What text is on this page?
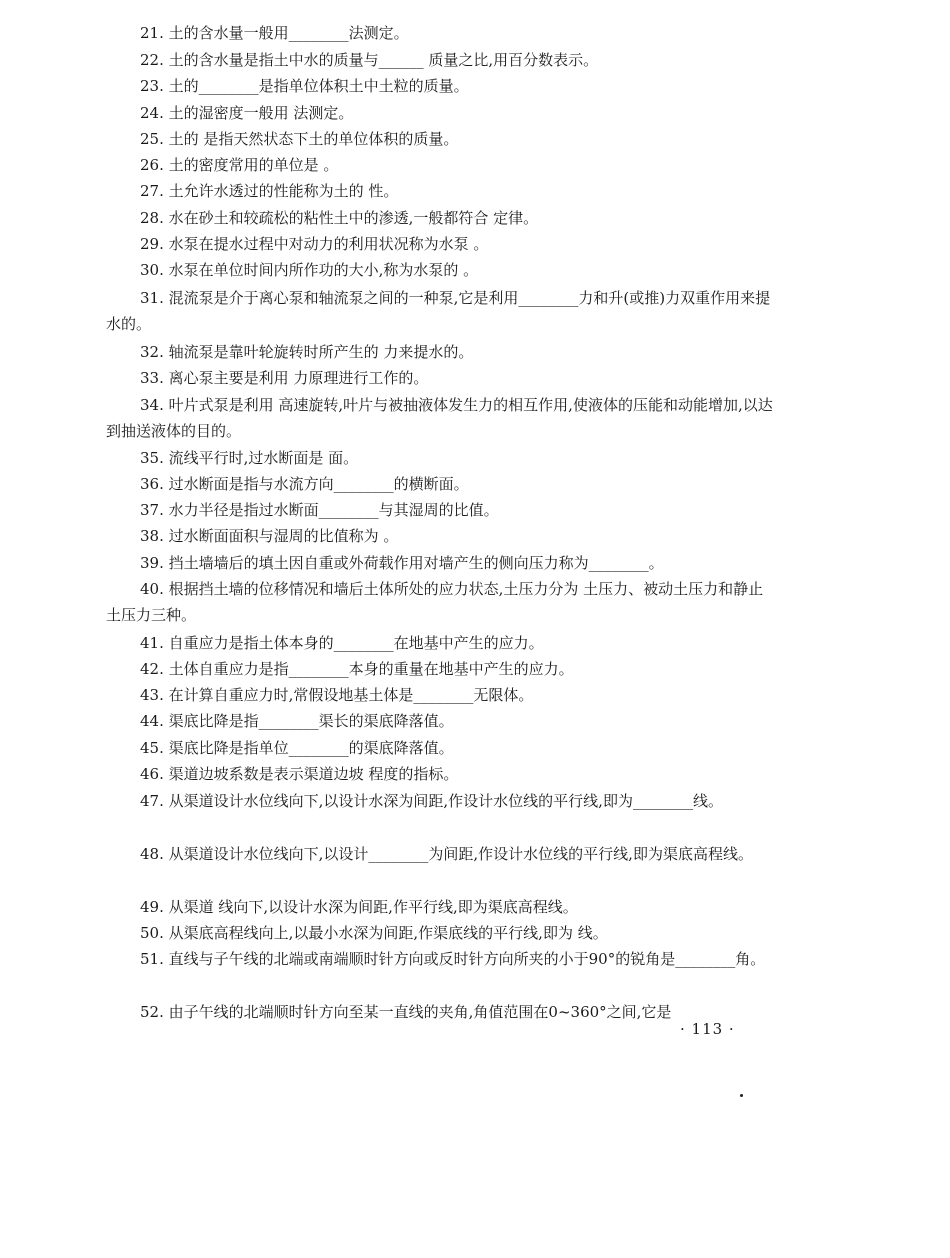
21. 土的含水量一般用________法测定。
22. 土的含水量是指土中水的质量与______ 质量之比,用百分数表示。
23. 土的________是指单位体积土中土粒的质量。
24. 土的湿密度一般用 法测定。
25. 土的 是指天然状态下土的单位体积的质量。
26. 土的密度常用的单位是 。
27. 土允许水透过的性能称为土的 性。
28. 水在砂土和较疏松的粘性土中的渗透,一般都符合 定律。
29. 水泵在提水过程中对动力的利用状况称为水泵 。
30. 水泵在单位时间内所作功的大小,称为水泵的 。
31. 混流泵是介于离心泵和轴流泵之间的一种泵,它是利用________力和升(或推)力双重作用来提水的。
32. 轴流泵是靠叶轮旋转时所产生的 力来提水的。
33. 离心泵主要是利用 力原理进行工作的。
34. 叶片式泵是利用 高速旋转,叶片与被抽液体发生力的相互作用,使液体的压能和动能增加,以达到抽送液体的目的。
35. 流线平行时,过水断面是 面。
36. 过水断面是指与水流方向________的横断面。
37. 水力半径是指过水断面________与其湿周的比值。
38. 过水断面面积与湿周的比值称为 。
39. 挡土墙墙后的填土因自重或外荷载作用对墙产生的侧向压力称为________。
40. 根据挡土墙的位移情况和墙后土体所处的应力状态,土压力分为 土压力、被动土压力和静止土压力三种。
41. 自重应力是指土体本身的________在地基中产生的应力。
42. 土体自重应力是指________本身的重量在地基中产生的应力。
43. 在计算自重应力时,常假设地基土体是________无限体。
44. 渠底比降是指________渠长的渠底降落值。
45. 渠底比降是指单位________的渠底降落值。
46. 渠道边坡系数是表示渠道边坡 程度的指标。
47. 从渠道设计水位线向下,以设计水深为间距,作设计水位线的平行线,即为________线。
48. 从渠道设计水位线向下,以设计________为间距,作设计水位线的平行线,即为渠底高程线。
49. 从渠道 线向下,以设计水深为间距,作平行线,即为渠底高程线。
50. 从渠底高程线向上,以最小水深为间距,作渠底线的平行线,即为 线。
51. 直线与子午线的北端或南端顺时针方向或反时针方向所夹的小于90°的锐角是________角。
52. 由子午线的北端顺时针方向至某一直线的夹角,角值范围在0~360°之间,它是
· 113 ·
